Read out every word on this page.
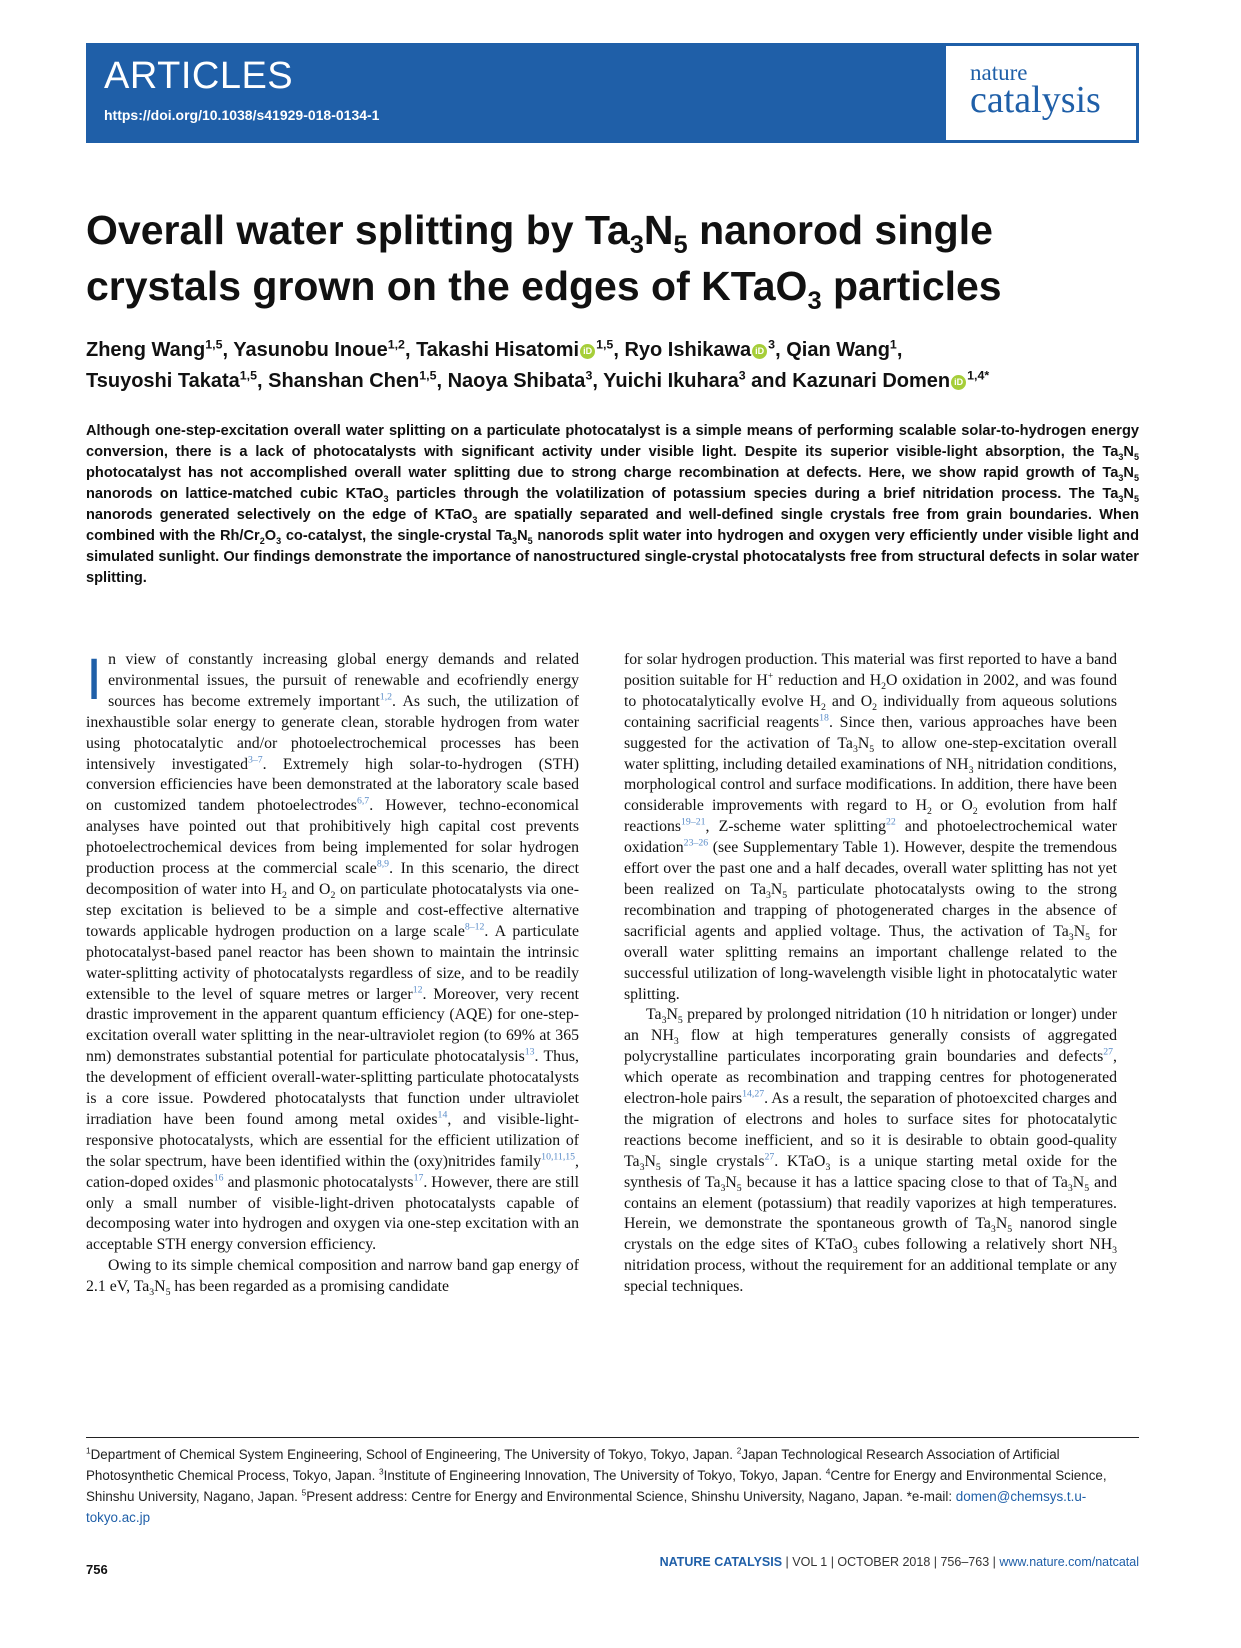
ARTICLES
https://doi.org/10.1038/s41929-018-0134-1
nature
catalysis
Overall water splitting by $Ta_3N_5$ nanorod single crystals grown on the edges of KTaO$_3$ particles
Zheng Wang$^{1,5}$, Yasunobu Inoue$^{1,2}$, Takashi Hisatomi iD $^{1,5}$, Ryo Ishikawa iD $^3$, Qian Wang$^1$,
Tsuyoshi Takata$^{1,5}$, Shanshan Chen$^{1,5}$, Naoya Shibata$^3$, Yuichi Ikuhara$^3$ and Kazunari Domen iD $^{1,4*}$
Although one-step-excitation overall water splitting on a particulate photocatalyst is a simple means of performing scalable solar-to-hydrogen energy conversion, there is a lack of photocatalysts with significant activity under visible light. Despite its superior visible-light absorption, the $Ta_3N_5$ photocatalyst has not accomplished overall water splitting due to strong charge recombination at defects. Here, we show rapid growth of $Ta_3N_5$ nanorods on lattice-matched cubic KTaO$_3$ particles through the volatilization of potassium species during a brief nitridation process. The $Ta_3N_5$ nanorods generated selectively on the edge of KTaO$_3$ are spatially separated and well-defined single crystals free from grain boundaries. When combined with the $Rh/Cr_2O_3$ co-catalyst, the single-crystal $Ta_3N_5$ nanorods split water into hydrogen and oxygen very efficiently under visible light and simulated sunlight. Our findings demonstrate the importance of nanostructured single-crystal photocatalysts free from structural defects in solar water splitting.

In view of constantly increasing global energy demands and related environmental issues, the pursuit of renewable and ecofriendly energy sources has become extremely important$^{1,2}$. As such, the utilization of inexhaustible solar energy to generate clean, storable hydrogen from water using photocatalytic and/or photoelectrochemical processes has been intensively investigated$^{3-7}$. Extremely high solar-to-hydrogen (STH) conversion efficiencies have been demonstrated at the laboratory scale based on customized tandem photoelectrodes$^{6,7}$. However, techno-economical analyses have pointed out that prohibitively high capital cost prevents photoelectrochemical devices from being implemented for solar hydrogen production process at the commercial scale$^{8,9}$. In this scenario, the direct decomposition of water into $H_2$ and $O_2$ on particulate photocatalysts via one-step excitation is believed to be a simple and cost-effective alternative towards applicable hydrogen production on a large scale$^{8-12}$. A particulate photocatalyst-based panel reactor has been shown to maintain the intrinsic water-splitting activity of photocatalysts regardless of size, and to be readily extensible to the level of square metres or larger$^{12}$. Moreover, very recent drastic improvement in the apparent quantum efficiency (AQE) for one-step-excitation overall water splitting in the near-ultraviolet region (to 69% at 365 nm) demonstrates substantial potential for particulate photocatalysis$^{13}$. Thus, the development of efficient overall-water-splitting particulate photocatalysts is a core issue. Powdered photocatalysts that function under ultraviolet irradiation have been found among metal oxides$^{14}$, and visible-light-responsive photocatalysts, which are essential for the efficient utilization of the solar spectrum, have been identified within the (oxy)nitrides family$^{10,11,15}$, cation-doped oxides$^{16}$ and plasmonic photocatalysts$^{17}$. However, there are still only a small number of visible-light-driven photocatalysts capable of decomposing water into hydrogen and oxygen via one-step excitation with an acceptable STH energy conversion efficiency.

Owing to its simple chemical composition and narrow band gap energy of 2.1 eV, $Ta_3N_5$ has been regarded as a promising candidate

for solar hydrogen production. This material was first reported to have a band position suitable for H+ reduction and $H_2O$ oxidation in 2002, and was found to photocatalytically evolve $H_2$ and $O_2$ individually from aqueous solutions containing sacrificial reagents$^{18}$. Since then, various approaches have been suggested for the activation of $Ta_3N_5$ to allow one-step-excitation overall water splitting, including detailed examinations of $NH_3$ nitridation conditions, morphological control and surface modifications. In addition, there have been considerable improvements with regard to $H_2$ or $O_2$ evolution from half reactions$^{19-21}$, Z-scheme water splitting$^{22}$ and photoelectrochemical water oxidation$^{23-26}$ (see Supplementary Table 1). However, despite the tremendous effort over the past one and a half decades, overall water splitting has not yet been realized on $Ta_3N_5$ particulate photocatalysts owing to the strong recombination and trapping of photogenerated charges in the absence of sacrificial agents and applied voltage. Thus, the activation of $Ta_3N_5$ for overall water splitting remains an important challenge related to the successful utilization of long-wavelength visible light in photocatalytic water splitting.

$Ta_3N_5$ prepared by prolonged nitridation (10 h nitridation or longer) under an $NH_3$ flow at high temperatures generally consists of aggregated polycrystalline particulates incorporating grain boundaries and defects$^{27}$, which operate as recombination and trapping centres for photogenerated electron-hole pairs$^{14,27}$. As a result, the separation of photoexcited charges and the migration of electrons and holes to surface sites for photocatalytic reactions become inefficient, and so it is desirable to obtain good-quality $Ta_3N_5$ single crystals$^{27}$. KTaO$_3$ is a unique starting metal oxide for the synthesis of $Ta_3N_5$ because it has a lattice spacing close to that of $Ta_3N_5$ and contains an element (potassium) that readily vaporizes at high temperatures. Herein, we demonstrate the spontaneous growth of $Ta_3N_5$ nanorod single crystals on the edge sites of KTaO$_3$ cubes following a relatively short $NH_3$ nitridation process, without the requirement for an additional template or any special techniques.

$^1$Department of Chemical System Engineering, School of Engineering, The University of Tokyo, Tokyo, Japan. $^2$Japan Technological Research Association of Artificial Photosynthetic Chemical Process, Tokyo, Japan. $^3$Institute of Engineering Innovation, The University of Tokyo, Tokyo, Japan. $^4$Centre for Energy and Environmental Science, Shinshu University, Nagano, Japan. $^5$Present address: Centre for Energy and Environmental Science, Shinshu University, Nagano, Japan. *e-mail: domen@chemsys.t.u-tokyo.ac.jp
756	NATURE CATALYSIS | VOL 1 | OCTOBER 2018 | 756–763 | www.nature.com/natcatal
